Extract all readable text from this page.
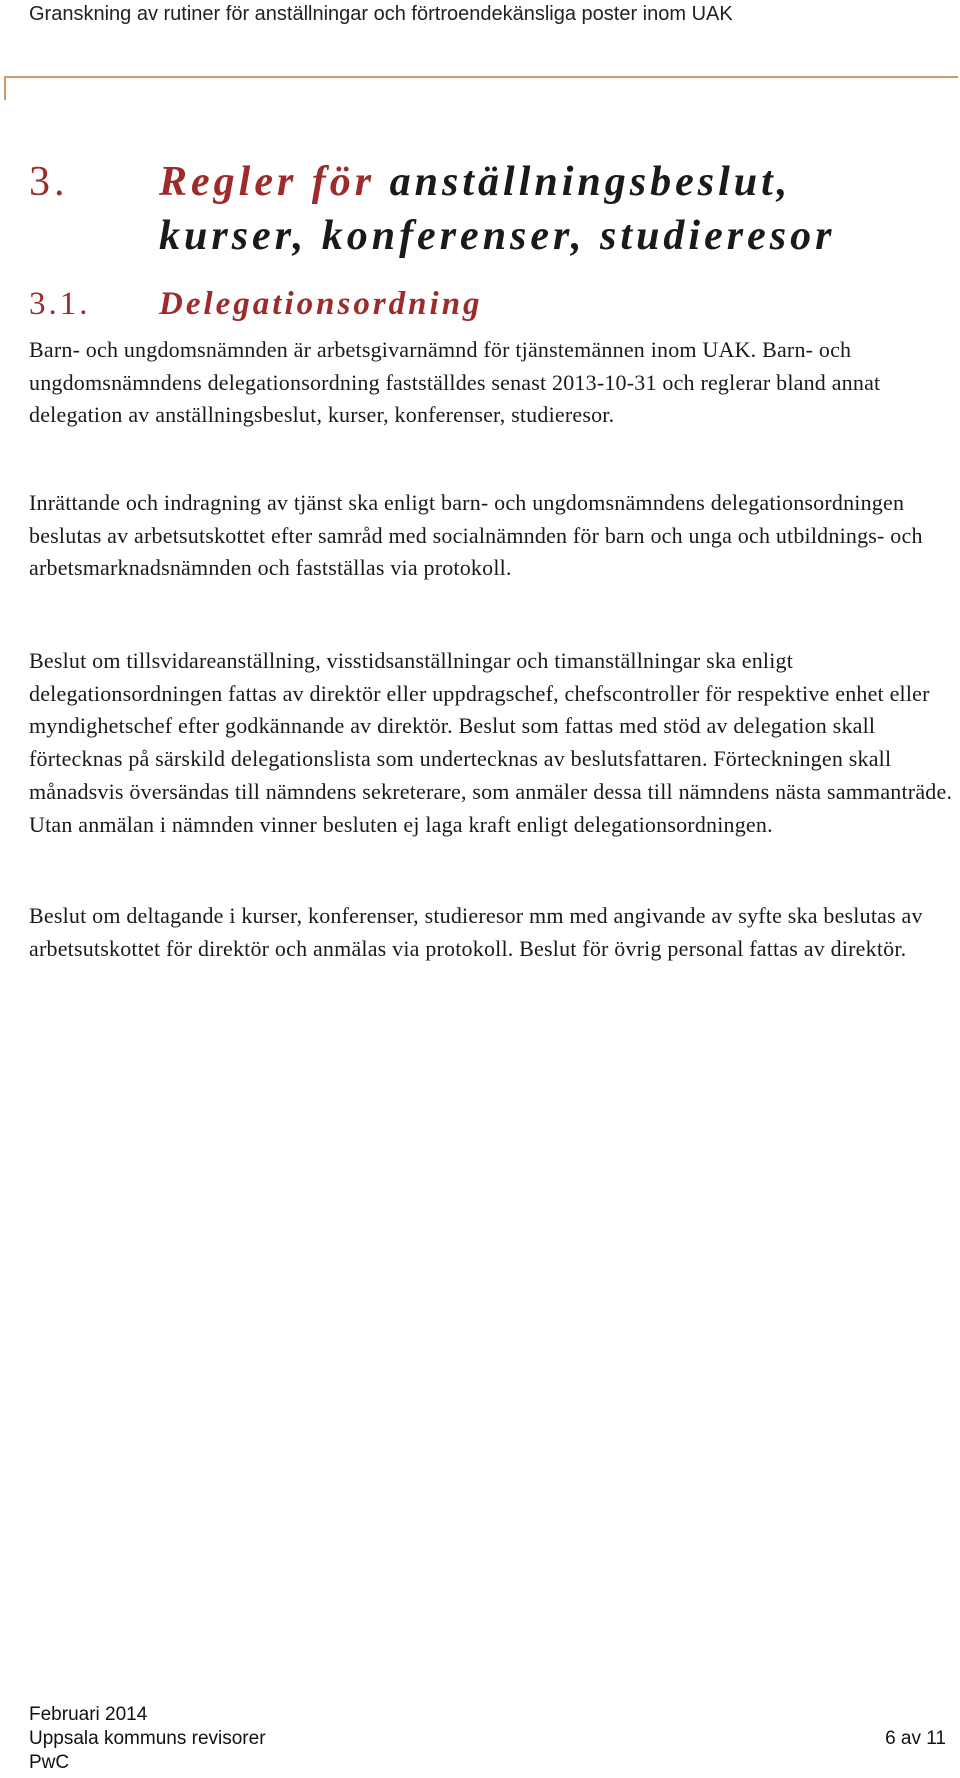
Granskning av rutiner för anställningar och förtroendekänsliga poster inom UAK
3. Regler för anställningsbeslut,
kurser, konferenser, studieresor
3.1. Delegationsordning

Barn- och ungdomsnämnden är arbetsgivarnämnd för tjänstemännen inom UAK. Barn- och ungdomsnämndens delegationsordning fastställdes senast 2013-10-31 och reglerar bland annat delegation av anställningsbeslut, kurser, konferenser, studieresor.

Inrättande och indragning av tjänst ska enligt barn- och ungdomsnämndens delegationsordningen beslutas av arbetsutskottet efter samråd med socialnämnden för barn och unga och utbildnings- och arbetsmarknadsnämnden och fastställas via protokoll.

Beslut om tillsvidareanställning, visstidsanställningar och timanställningar ska enligt delegationsordningen fattas av direktör eller uppdragschef, chefscontroller för respektive enhet eller myndighetschef efter godkännande av direktör. Beslut som fattas med stöd av delegation skall förtecknas på särskild delegationslista som undertecknas av beslutsfattaren. Förteckningen skall månadsvis översändas till nämndens sekreterare, som anmäler dessa till nämndens nästa sammanträde. Utan anmälan i nämnden vinner besluten ej laga kraft enligt delegationsordningen.

Beslut om deltagande i kurser, konferenser, studieresor mm med angivande av syfte ska beslutas av arbetsutskottet för direktör och anmälas via protokoll. Beslut för övrig personal fattas av direktör.

Februari 2014
Uppsala kommuns revisorer
PwC
6 av 11
